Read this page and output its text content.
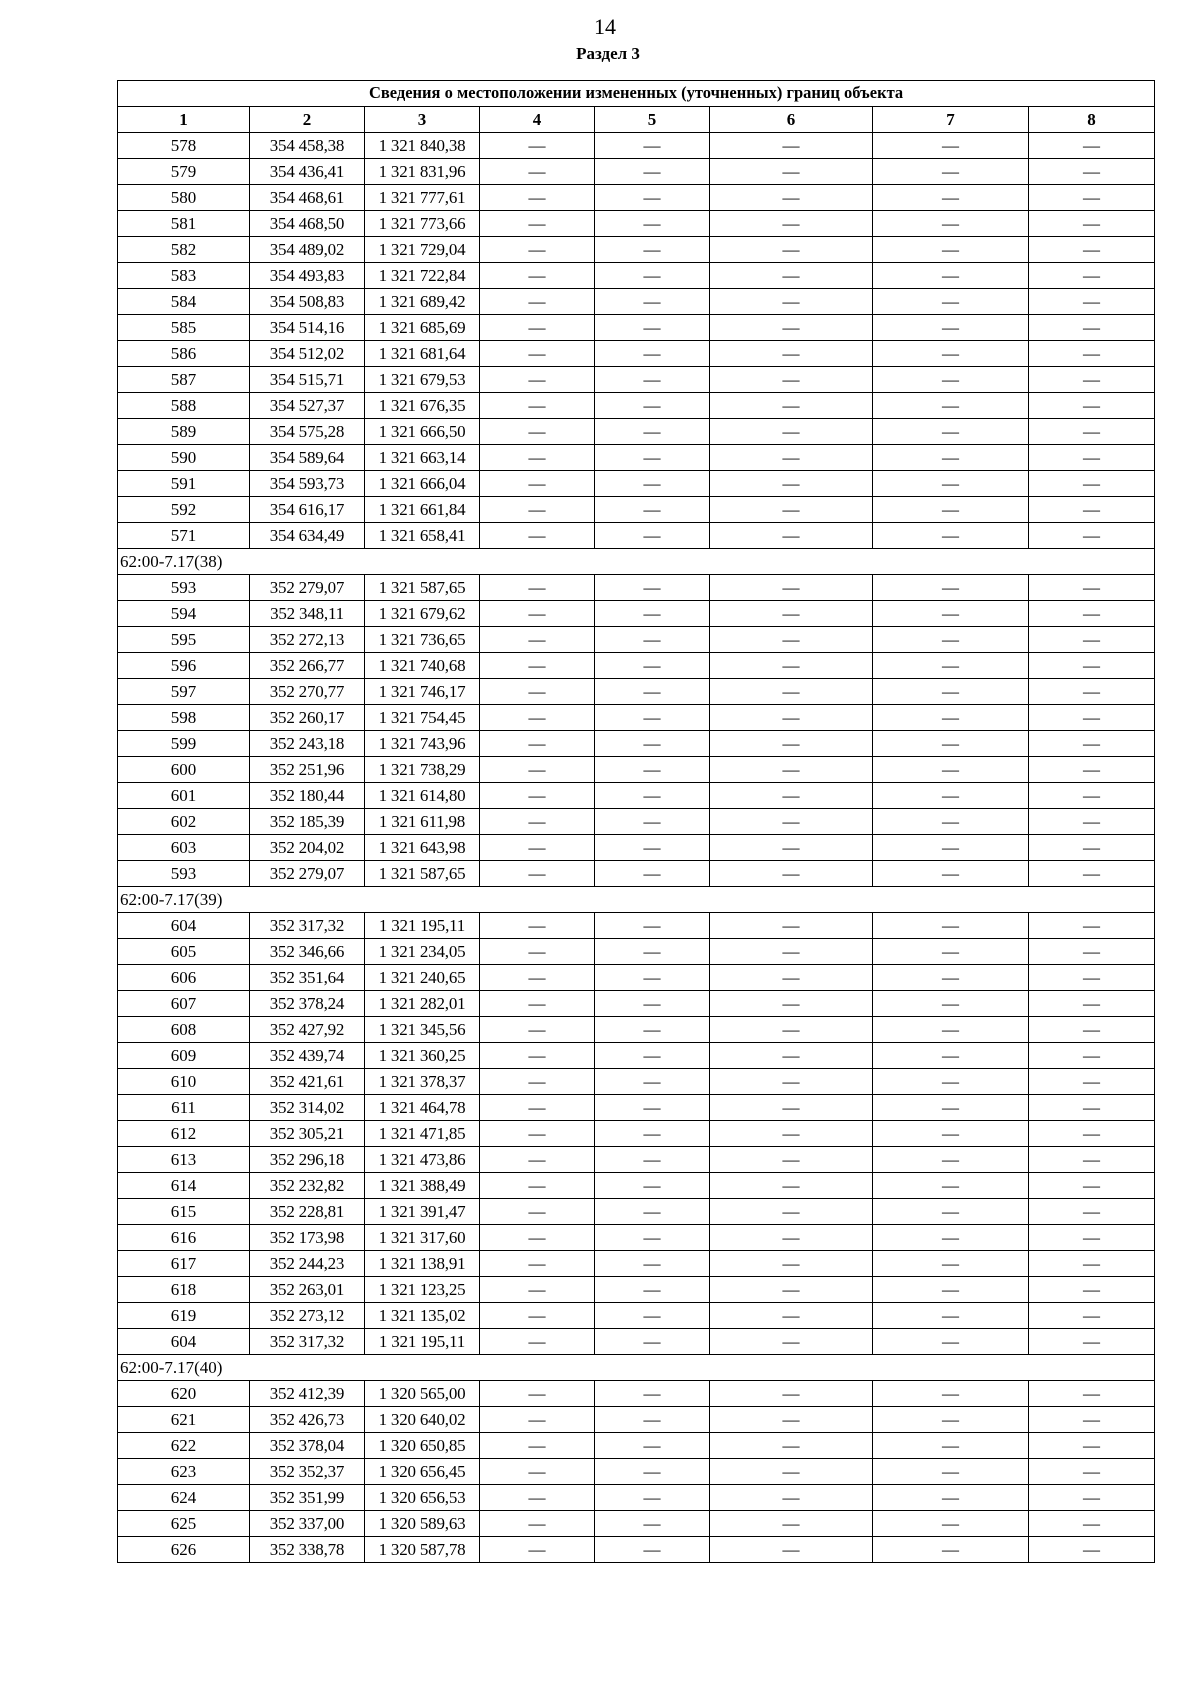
14
Раздел 3
Сведения о местоположении измененных (уточненных) границ объекта							
1	2	3	4	5	6	7	8
578	354 458,38	1 321 840,38	—	—	—	—	—
579	354 436,41	1 321 831,96	—	—	—	—	—
580	354 468,61	1 321 777,61	—	—	—	—	—
581	354 468,50	1 321 773,66	—	—	—	—	—
582	354 489,02	1 321 729,04	—	—	—	—	—
583	354 493,83	1 321 722,84	—	—	—	—	—
584	354 508,83	1 321 689,42	—	—	—	—	—
585	354 514,16	1 321 685,69	—	—	—	—	—
586	354 512,02	1 321 681,64	—	—	—	—	—
587	354 515,71	1 321 679,53	—	—	—	—	—
588	354 527,37	1 321 676,35	—	—	—	—	—
589	354 575,28	1 321 666,50	—	—	—	—	—
590	354 589,64	1 321 663,14	—	—	—	—	—
591	354 593,73	1 321 666,04	—	—	—	—	—
592	354 616,17	1 321 661,84	—	—	—	—	—
571	354 634,49	1 321 658,41	—	—	—	—	—
62:00-7.17(38)							
593	352 279,07	1 321 587,65	—	—	—	—	—
594	352 348,11	1 321 679,62	—	—	—	—	—
595	352 272,13	1 321 736,65	—	—	—	—	—
596	352 266,77	1 321 740,68	—	—	—	—	—
597	352 270,77	1 321 746,17	—	—	—	—	—
598	352 260,17	1 321 754,45	—	—	—	—	—
599	352 243,18	1 321 743,96	—	—	—	—	—
600	352 251,96	1 321 738,29	—	—	—	—	—
601	352 180,44	1 321 614,80	—	—	—	—	—
602	352 185,39	1 321 611,98	—	—	—	—	—
603	352 204,02	1 321 643,98	—	—	—	—	—
593	352 279,07	1 321 587,65	—	—	—	—	—
62:00-7.17(39)							
604	352 317,32	1 321 195,11	—	—	—	—	—
605	352 346,66	1 321 234,05	—	—	—	—	—
606	352 351,64	1 321 240,65	—	—	—	—	—
607	352 378,24	1 321 282,01	—	—	—	—	—
608	352 427,92	1 321 345,56	—	—	—	—	—
609	352 439,74	1 321 360,25	—	—	—	—	—
610	352 421,61	1 321 378,37	—	—	—	—	—
611	352 314,02	1 321 464,78	—	—	—	—	—
612	352 305,21	1 321 471,85	—	—	—	—	—
613	352 296,18	1 321 473,86	—	—	—	—	—
614	352 232,82	1 321 388,49	—	—	—	—	—
615	352 228,81	1 321 391,47	—	—	—	—	—
616	352 173,98	1 321 317,60	—	—	—	—	—
617	352 244,23	1 321 138,91	—	—	—	—	—
618	352 263,01	1 321 123,25	—	—	—	—	—
619	352 273,12	1 321 135,02	—	—	—	—	—
604	352 317,32	1 321 195,11	—	—	—	—	—
62:00-7.17(40)							
620	352 412,39	1 320 565,00	—	—	—	—	—
621	352 426,73	1 320 640,02	—	—	—	—	—
622	352 378,04	1 320 650,85	—	—	—	—	—
623	352 352,37	1 320 656,45	—	—	—	—	—
624	352 351,99	1 320 656,53	—	—	—	—	—
625	352 337,00	1 320 589,63	—	—	—	—	—
626	352 338,78	1 320 587,78	—	—	—	—	—
